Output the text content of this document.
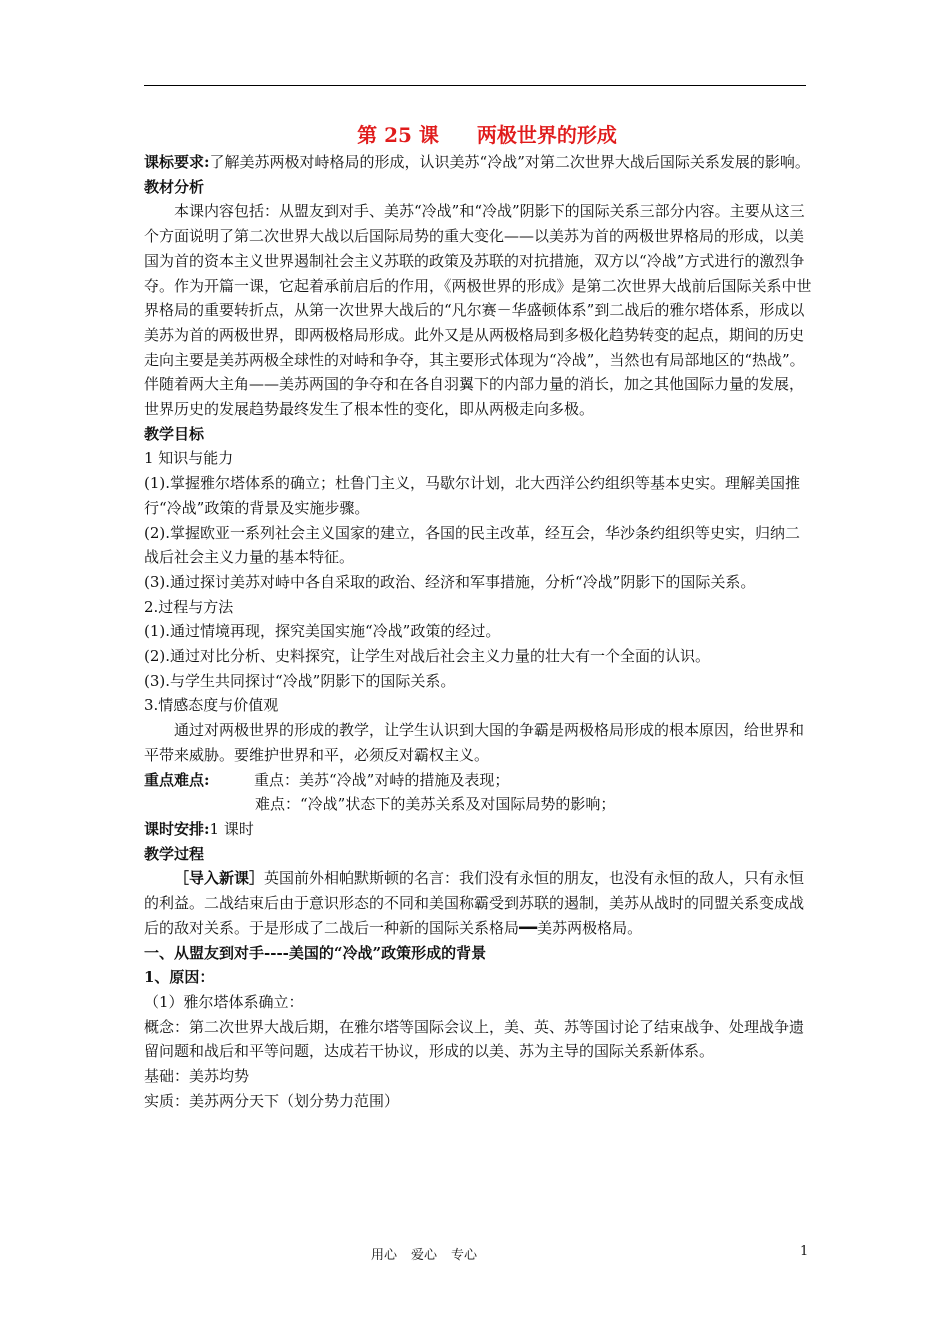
第 25 课 两极世界的形成

课标要求:了解美苏两极对峙格局的形成，认识美苏“冷战”对第二次世界大战后国际关系发展的影响。

教材分析

本课内容包括：从盟友到对手、美苏“冷战”和“冷战”阴影下的国际关系三部分内容。主要从这三个方面说明了第二次世界大战以后国际局势的重大变化——以美苏为首的两极世界格局的形成，以美国为首的资本主义世界遏制社会主义苏联的政策及苏联的对抗措施，双方以“冷战”方式进行的激烈争夺。作为开篇一课，它起着承前启后的作用，《两极世界的形成》是第二次世界大战前后国际关系中世界格局的重要转折点，从第一次世界大战后的“凡尔赛－华盛顿体系”到二战后的雅尔塔体系，形成以美苏为首的两极世界，即两极格局形成。此外又是从两极格局到多极化趋势转变的起点，期间的历史走向主要是美苏两极全球性的对峙和争夺，其主要形式体现为“冷战”，当然也有局部地区的“热战”。伴随着两大主角——美苏两国的争夺和在各自羽翼下的内部力量的消长，加之其他国际力量的发展，世界历史的发展趋势最终发生了根本性的变化，即从两极走向多极。

教学目标

1 知识与能力

(1).掌握雅尔塔体系的确立；杜鲁门主义，马歇尔计划，北大西洋公约组织等基本史实。理解美国推行“冷战”政策的背景及实施步骤。

(2).掌握欧亚一系列社会主义国家的建立，各国的民主改革，经互会，华沙条约组织等史实，归纳二战后社会主义力量的基本特征。

(3).通过探讨美苏对峙中各自采取的政治、经济和军事措施，分析“冷战”阴影下的国际关系。

2.过程与方法

(1).通过情境再现，探究美国实施“冷战”政策的经过。

(2).通过对比分析、史料探究，让学生对战后社会主义力量的壮大有一个全面的认识。

(3).与学生共同探讨“冷战”阴影下的国际关系。

3.情感态度与价值观

通过对两极世界的形成的教学，让学生认识到大国的争霸是两极格局形成的根本原因，给世界和平带来威胁。要维护世界和平，必须反对霸权主义。

重点难点:	重点：美苏“冷战”对峙的措施及表现；

难点：“冷战”状态下的美苏关系及对国际局势的影响；

课时安排:1 课时

教学过程

［导入新课］英国前外相帕默斯顿的名言：我们没有永恒的朋友，也没有永恒的敌人，只有永恒的利益。二战结束后由于意识形态的不同和美国称霸受到苏联的遏制，美苏从战时的同盟关系变成战后的敌对关系。于是形成了二战后一种新的国际关系格局━━美苏两极格局。

一、从盟友到对手----美国的“冷战”政策形成的背景

1、原因：

（1）雅尔塔体系确立：

概念：第二次世界大战后期，在雅尔塔等国际会议上，美、英、苏等国讨论了结束战争、处理战争遗留问题和战后和平等问题，达成若干协议，形成的以美、苏为主导的国际关系新体系。

基础：美苏均势

实质：美苏两分天下（划分势力范围）

用心 爱心 专心	1
